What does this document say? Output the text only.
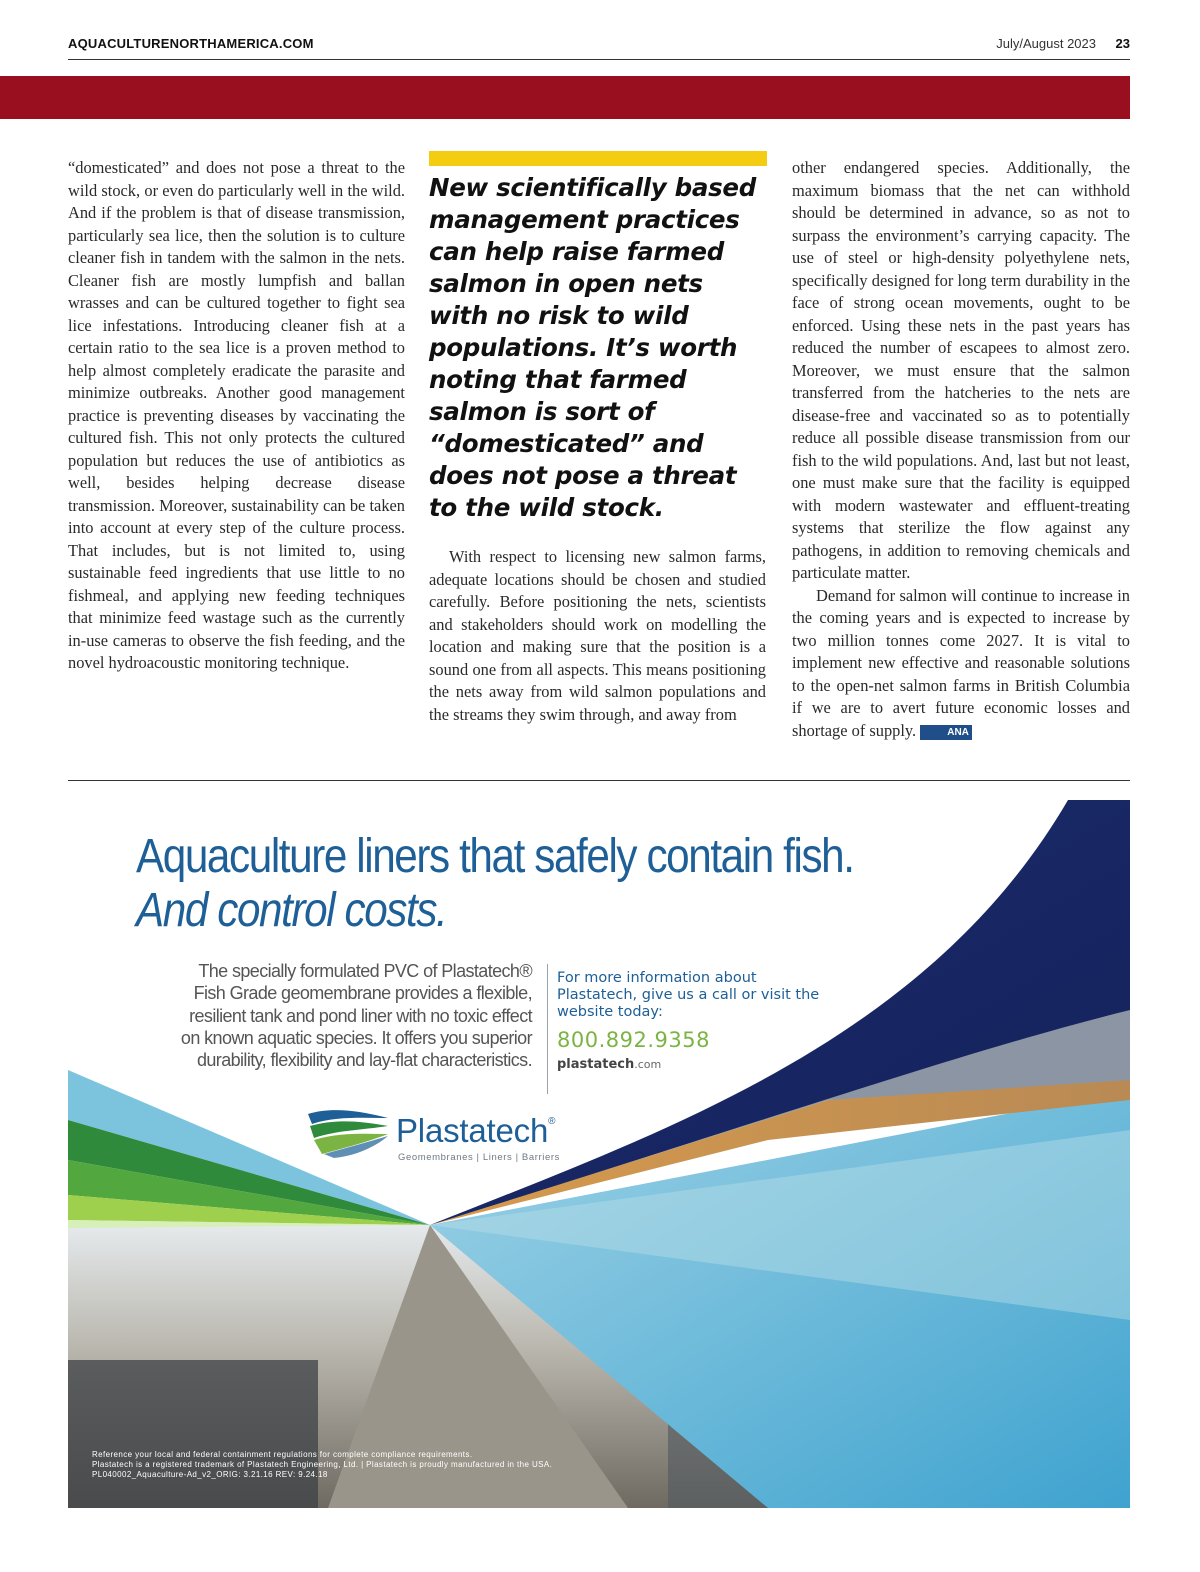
AQUACULTURENORTHAMERICA.COM	July/August 2023 23

“domesticated” and does not pose a threat to the wild stock, or even do particularly well in the wild. And if the problem is that of disease transmission, particularly sea lice, then the solution is to culture cleaner fish in tandem with the salmon in the nets. Cleaner fish are mostly lumpfish and ballan wrasses and can be cultured together to fight sea lice infestations. Introducing cleaner fish at a certain ratio to the sea lice is a proven method to help almost completely eradicate the parasite and minimize outbreaks. Another good management practice is preventing diseases by vaccinating the cultured fish. This not only protects the cultured population but reduces the use of antibiotics as well, besides helping decrease disease transmission. Moreover, sustainability can be taken into account at every step of the culture process. That includes, but is not limited to, using sustainable feed ingredients that use little to no fishmeal, and applying new feeding techniques that minimize feed wastage such as the currently in-use cameras to observe the fish feeding, and the novel hydroacoustic monitoring technique.

New scientifically based management practices can help raise farmed salmon in open nets with no risk to wild populations. It’s worth noting that farmed salmon is sort of “domesticated” and does not pose a threat to the wild stock.

With respect to licensing new salmon farms, adequate locations should be chosen and studied carefully. Before positioning the nets, scientists and stakeholders should work on modelling the location and making sure that the position is a sound one from all aspects. This means positioning the nets away from wild salmon populations and the streams they swim through, and away from

other endangered species. Additionally, the maximum biomass that the net can withhold should be determined in advance, so as not to surpass the environment’s carrying capacity. The use of steel or high-density polyethylene nets, specifically designed for long term durability in the face of strong ocean movements, ought to be enforced. Using these nets in the past years has reduced the number of escapees to almost zero. Moreover, we must ensure that the salmon transferred from the hatcheries to the nets are disease-free and vaccinated so as to potentially reduce all possible disease transmission from our fish to the wild populations. And, last but not least, one must make sure that the facility is equipped with modern wastewater and effluent-treating systems that sterilize the flow against any pathogens, in addition to removing chemicals and particulate matter.

Demand for salmon will continue to increase in the coming years and is expected to increase by two million tonnes come 2027. It is vital to implement new effective and reasonable solutions to the open-net salmon farms in British Columbia if we are to avert future economic losses and shortage of supply.	ANA

Aquaculture liners that safely contain fish.
And control costs.
The specially formulated PVC of Plastatech® Fish Grade geomembrane provides a flexible, resilient tank and pond liner with no toxic effect on known aquatic species. It offers you superior durability, flexibility and lay-flat characteristics.
For more information about Plastatech, give us a call or visit the website today:
800.892.9358
plastatech.com
Plastatech®
Geomembranes | Liners | Barriers
Reference your local and federal containment regulations for complete compliance requirements.
Plastatech is a registered trademark of Plastatech Engineering, Ltd. | Plastatech is proudly manufactured in the USA.
PL040002_Aquaculture-Ad_v2_ORIG: 3.21.16 REV: 9.24.18
